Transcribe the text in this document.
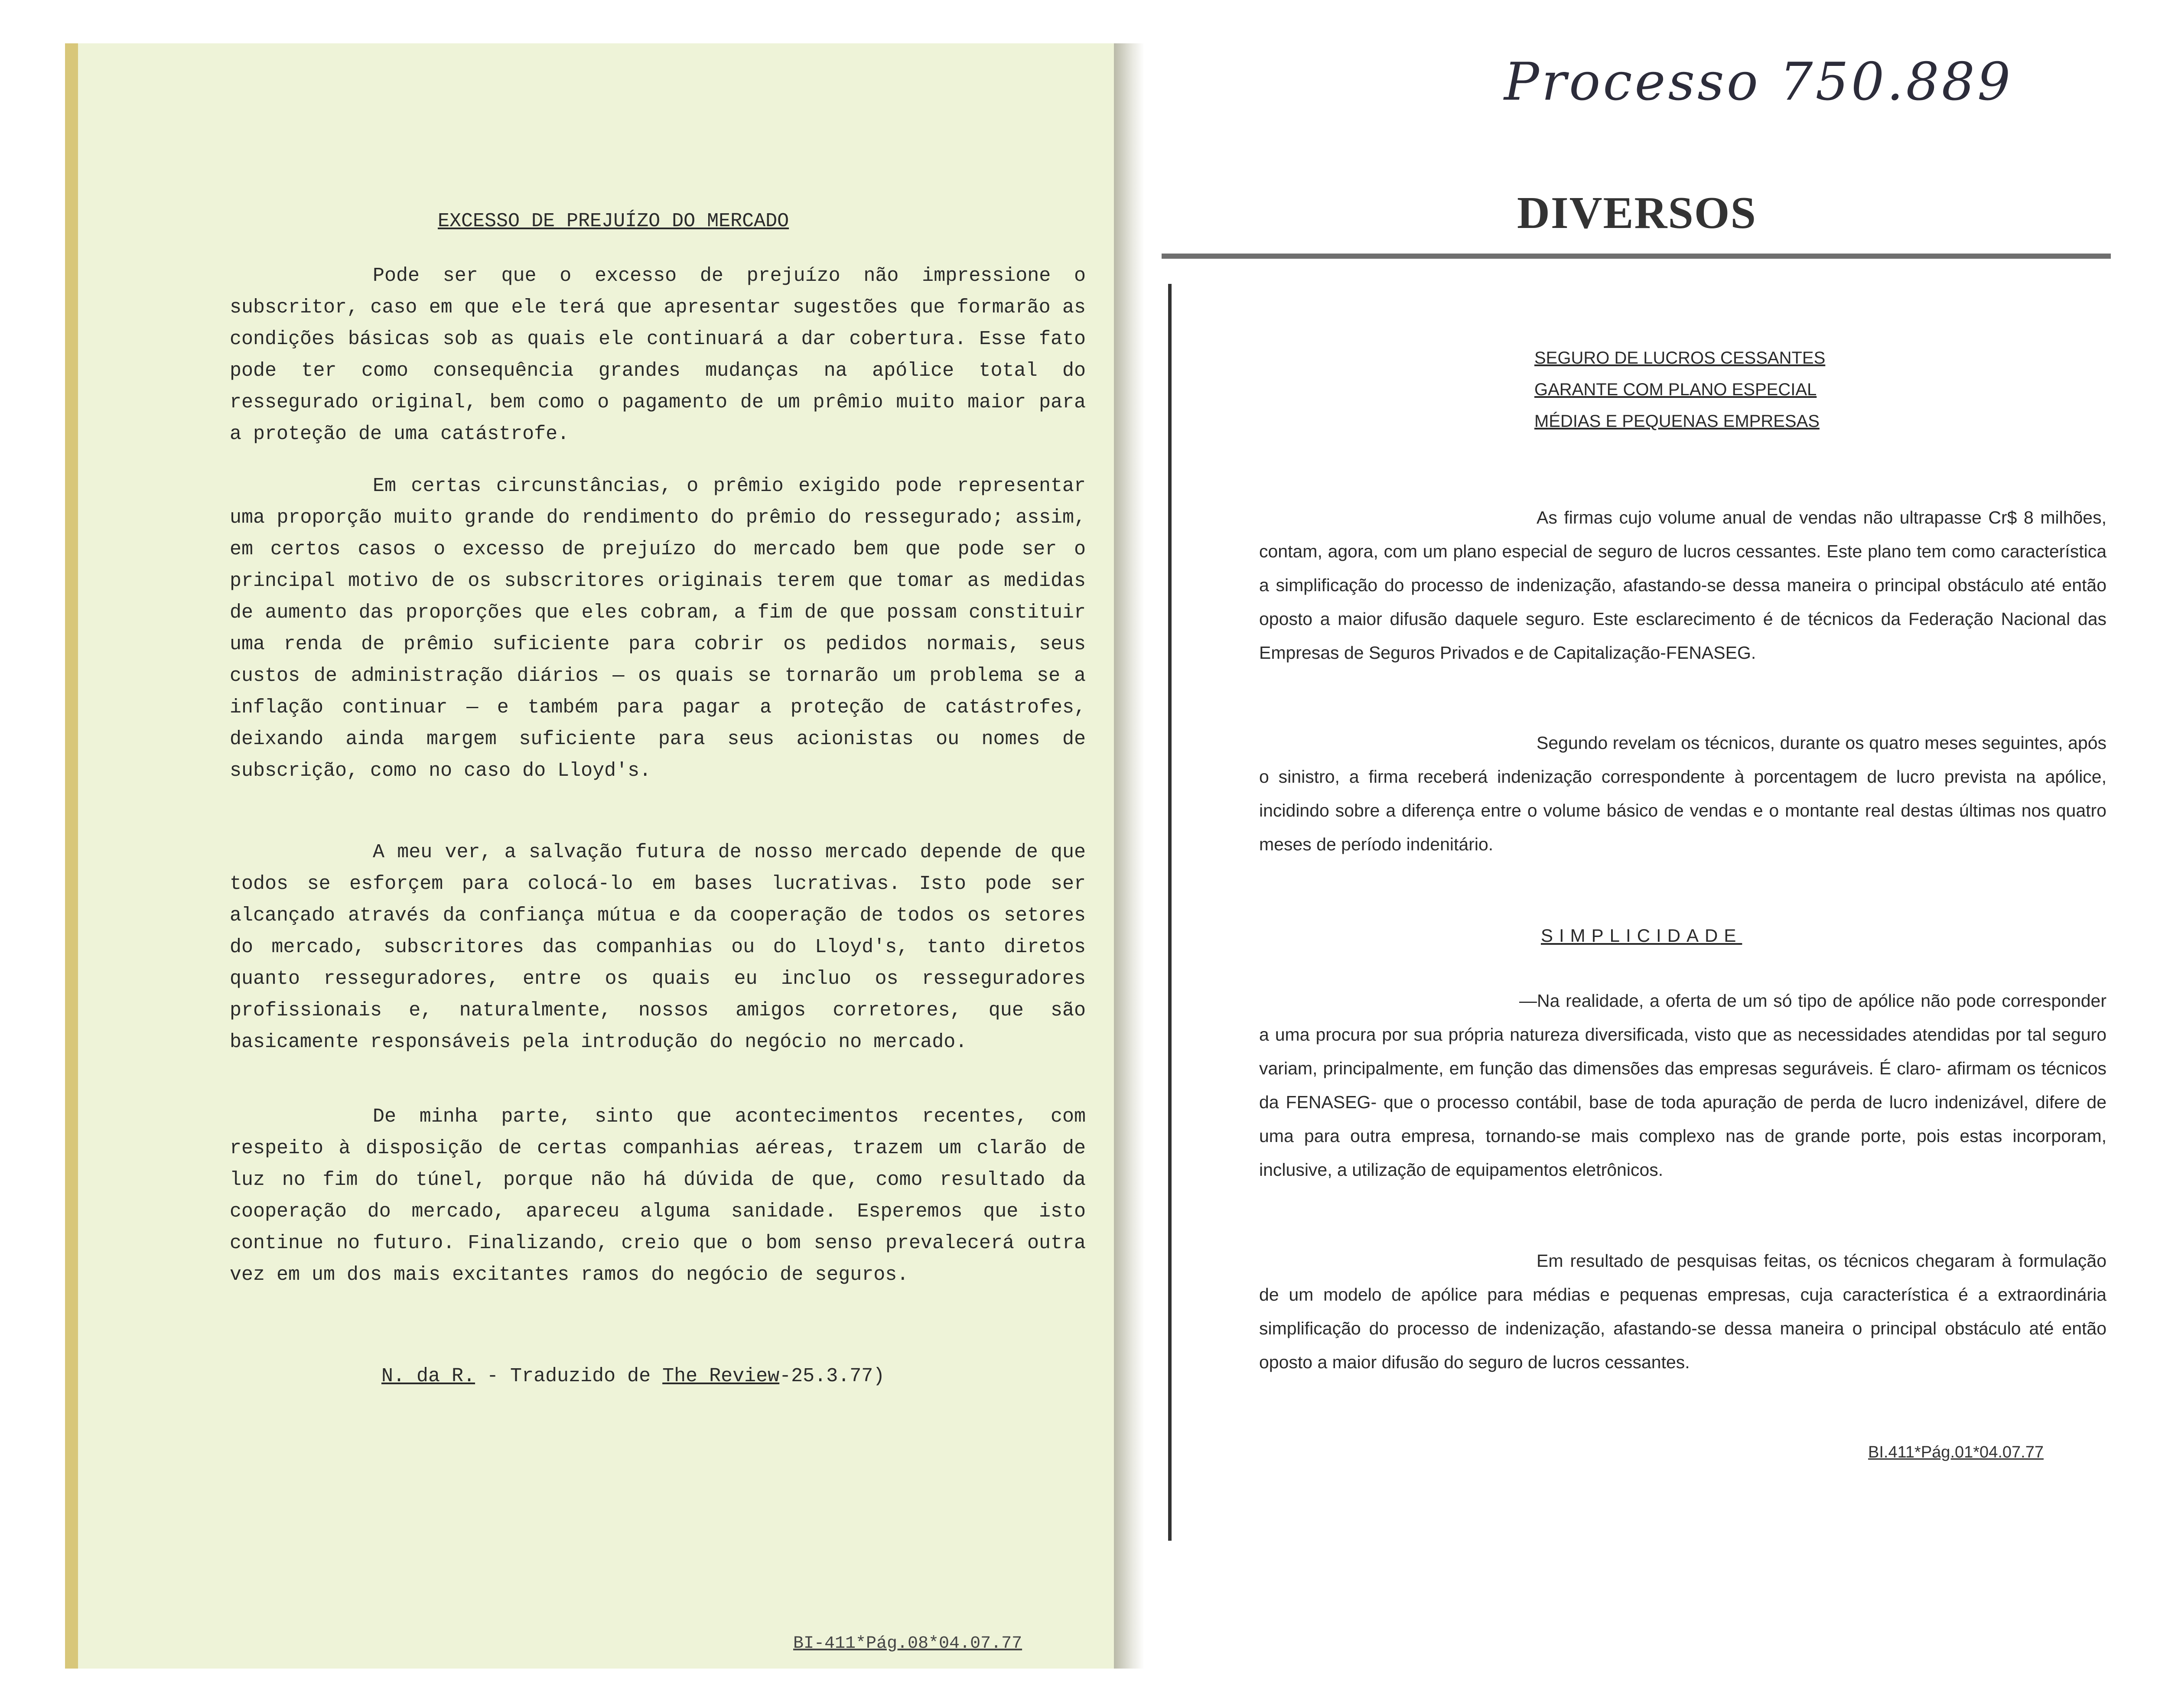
EXCESSO DE PREJUÍZO DO MERCADO

Pode ser que o excesso de prejuízo não impressione o subscritor, caso em que ele terá que apresentar sugestões que formarão as condições básicas sob as quais ele continuará a dar cobertura. Esse fato pode ter como consequência grandes mudanças na apólice total do ressegurado original, bem como o pagamento de um prêmio muito maior para a proteção de uma catástrofe.

Em certas circunstâncias, o prêmio exigido pode representar uma proporção muito grande do rendimento do prêmio do ressegurado; assim, em certos casos o excesso de prejuízo do mercado bem que pode ser o principal motivo de os subscritores originais terem que tomar as medidas de aumento das proporções que eles cobram, a fim de que possam constituir uma renda de prêmio suficiente para cobrir os pedidos normais, seus custos de administração diários — os quais se tornarão um problema se a inflação continuar — e também para pagar a proteção de catástrofes, deixando ainda margem suficiente para seus acionistas ou nomes de subscrição, como no caso do Lloyd's.

A meu ver, a salvação futura de nosso mercado depende de que todos se esforçem para colocá-lo em bases lucrativas. Isto pode ser alcançado através da confiança mútua e da cooperação de todos os setores do mercado, subscritores das companhias ou do Lloyd's, tanto diretos quanto resseguradores, entre os quais eu incluo os resseguradores profissionais e, naturalmente, nossos amigos corretores, que são basicamente responsáveis pela introdução do negócio no mercado.

De minha parte, sinto que acontecimentos recentes, com respeito à disposição de certas companhias aéreas, trazem um clarão de luz no fim do túnel, porque não há dúvida de que, como resultado da cooperação do mercado, apareceu alguma sanidade. Esperemos que isto continue no futuro. Finalizando, creio que o bom senso prevalecerá outra vez em um dos mais excitantes ramos do negócio de seguros.

N. da R. - Traduzido de The Review-25.3.77)
BI-411*Pág.08*04.07.77
Processo 750.889
DIVERSOS
SEGURO DE LUCROS CESSANTES
GARANTE COM PLANO ESPECIAL
MÉDIAS E PEQUENAS EMPRESAS

As firmas cujo volume anual de vendas não ultrapasse Cr$ 8 milhões, contam, agora, com um plano especial de seguro de lucros cessantes. Este plano tem como característica a simplificação do processo de indenização, afastando-se dessa maneira o principal obstáculo até então oposto a maior difusão daquele seguro. Este esclarecimento é de técnicos da Federação Nacional das Empresas de Seguros Privados e de Capitalização-FENASEG.

Segundo revelam os técnicos, durante os quatro meses seguintes, após o sinistro, a firma receberá indenização correspondente à porcentagem de lucro prevista na apólice, incidindo sobre a diferença entre o volume básico de vendas e o montante real destas últimas nos quatro meses de período indenitário.

SIMPLICIDADE

—Na realidade, a oferta de um só tipo de apólice não pode corresponder a uma procura por sua própria natureza diversificada, visto que as necessidades atendidas por tal seguro variam, principalmente, em função das dimensões das empresas seguráveis. É claro- afirmam os técnicos da FENASEG- que o processo contábil, base de toda apuração de perda de lucro indenizável, difere de uma para outra empresa, tornando-se mais complexo nas de grande porte, pois estas incorporam, inclusive, a utilização de equipamentos eletrônicos.

Em resultado de pesquisas feitas, os técnicos chegaram à formulação de um modelo de apólice para médias e pequenas empresas, cuja característica é a extraordinária simplificação do processo de indenização, afastando-se dessa maneira o principal obstáculo até então oposto a maior difusão do seguro de lucros cessantes.

BI.411*Pág.01*04.07.77
